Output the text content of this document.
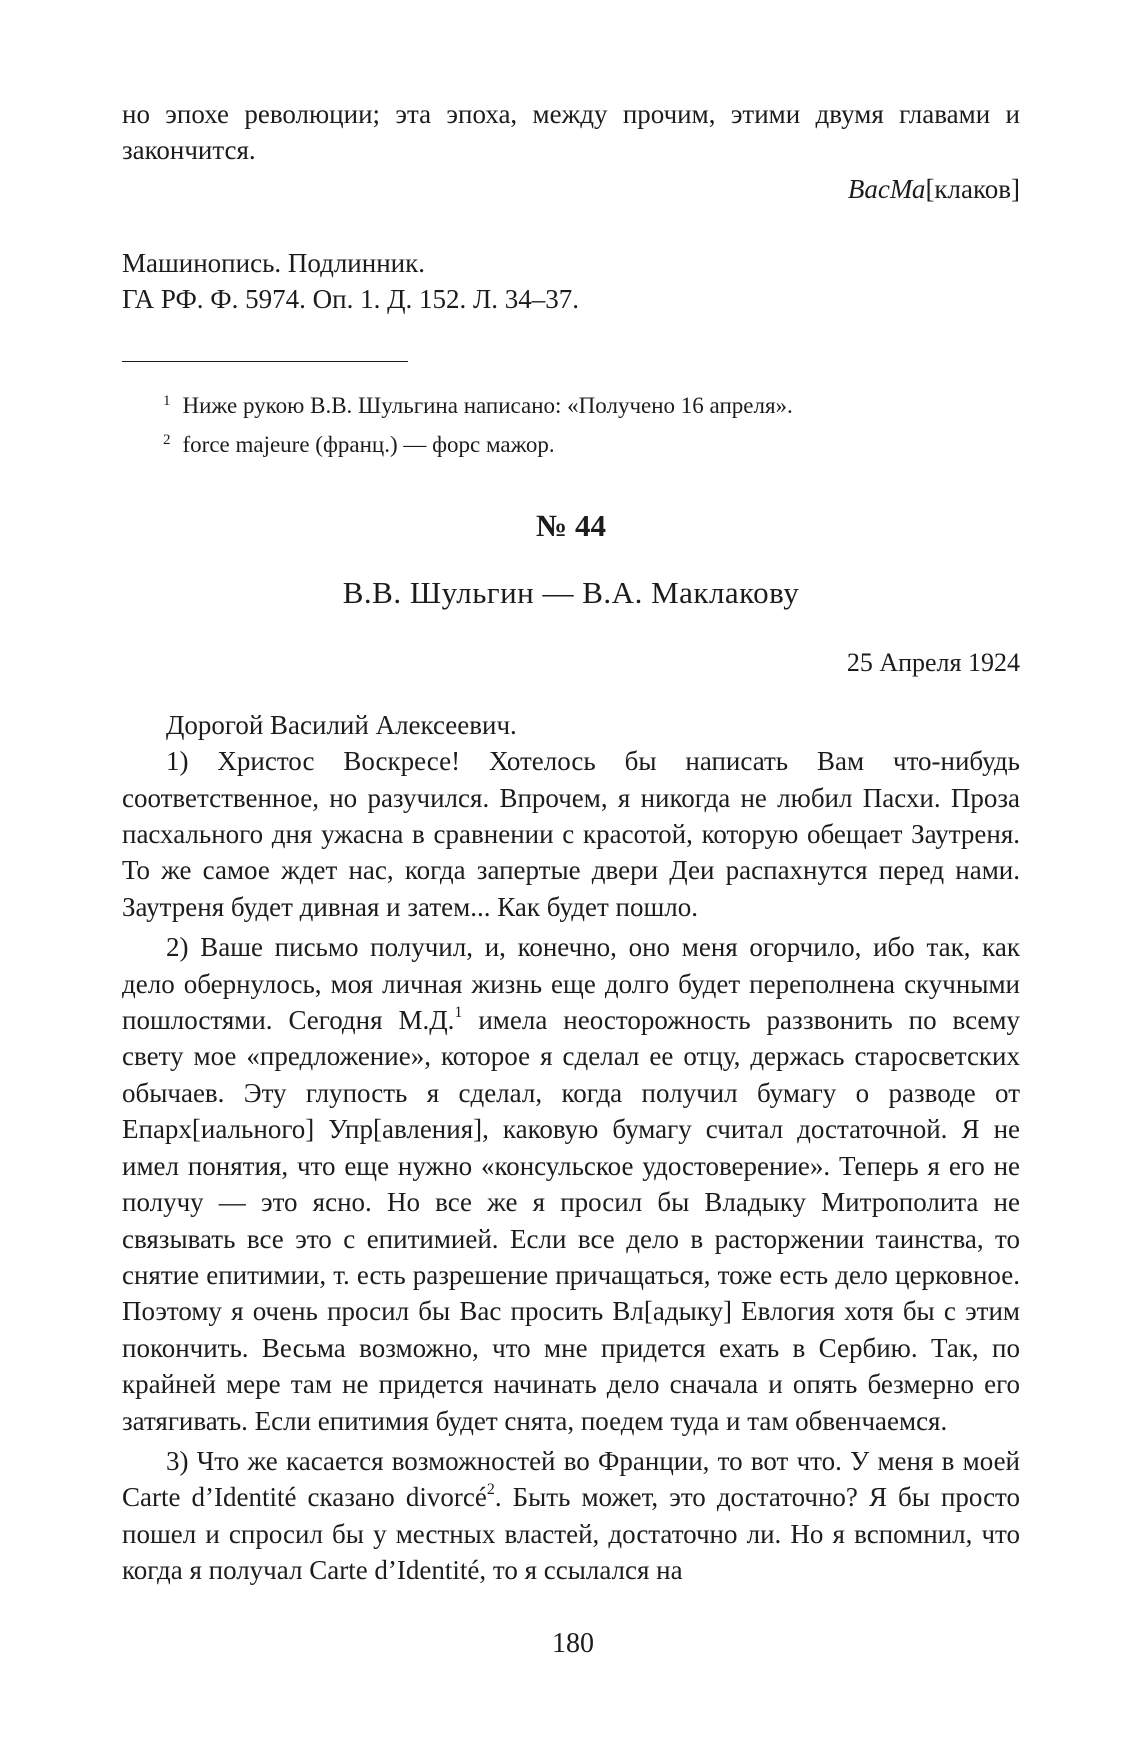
но эпохе революции; эта эпоха, между прочим, этими двумя главами и закончится.

ВасМа[клаков]

Машинопись. Подлинник.

ГА РФ. Ф. 5974. Оп. 1. Д. 152. Л. 34–37.

$^1$ Ниже рукою В.В. Шульгина написано: «Получено 16 апреля».

$^2$ force majeure (франц.) — форс мажор.

№ 44

В.В. Шульгин — В.А. Маклакову

25 Апреля 1924

Дорогой Василий Алексеевич.

1) Христос Воскресе! Хотелось бы написать Вам что-нибудь соответственное, но разучился. Впрочем, я никогда не любил Пасхи. Проза пасхального дня ужасна в сравнении с красотой, которую обещает Заутреня. То же самое ждет нас, когда запертые двери Деи распахнутся перед нами. Заутреня будет дивная и затем... Как будет пошло.

2) Ваше письмо получил, и, конечно, оно меня огорчило, ибо так, как дело обернулось, моя личная жизнь еще долго будет переполнена скучными пошлостями. Сегодня М.Д.$^1$ имела неосторожность раззвонить по всему свету мое «предложение», которое я сделал ее отцу, держась старосветских обычаев. Эту глупость я сделал, когда получил бумагу о разводе от Епарх[иального] Упр[авления], каковую бумагу считал достаточной. Я не имел понятия, что еще нужно «консульское удостоверение». Теперь я его не получу — это ясно. Но все же я просил бы Владыку Митрополита не связывать все это с епитимией. Если все дело в расторжении таинства, то снятие епитимии, т. есть разрешение причащаться, тоже есть дело церковное. Поэтому я очень просил бы Вас просить Вл[адыку] Евлогия хотя бы с этим покончить. Весьма возможно, что мне придется ехать в Сербию. Так, по крайней мере там не придется начинать дело сначала и опять безмерно его затягивать. Если епитимия будет снята, поедем туда и там обвенчаемся.

3) Что же касается возможностей во Франции, то вот что. У меня в моей Carte d’Identité сказано divorcé$^2$. Быть может, это достаточно? Я бы просто пошел и спросил бы у местных властей, достаточно ли. Но я вспомнил, что когда я получал Carte d’Identité, то я ссылался на

180
